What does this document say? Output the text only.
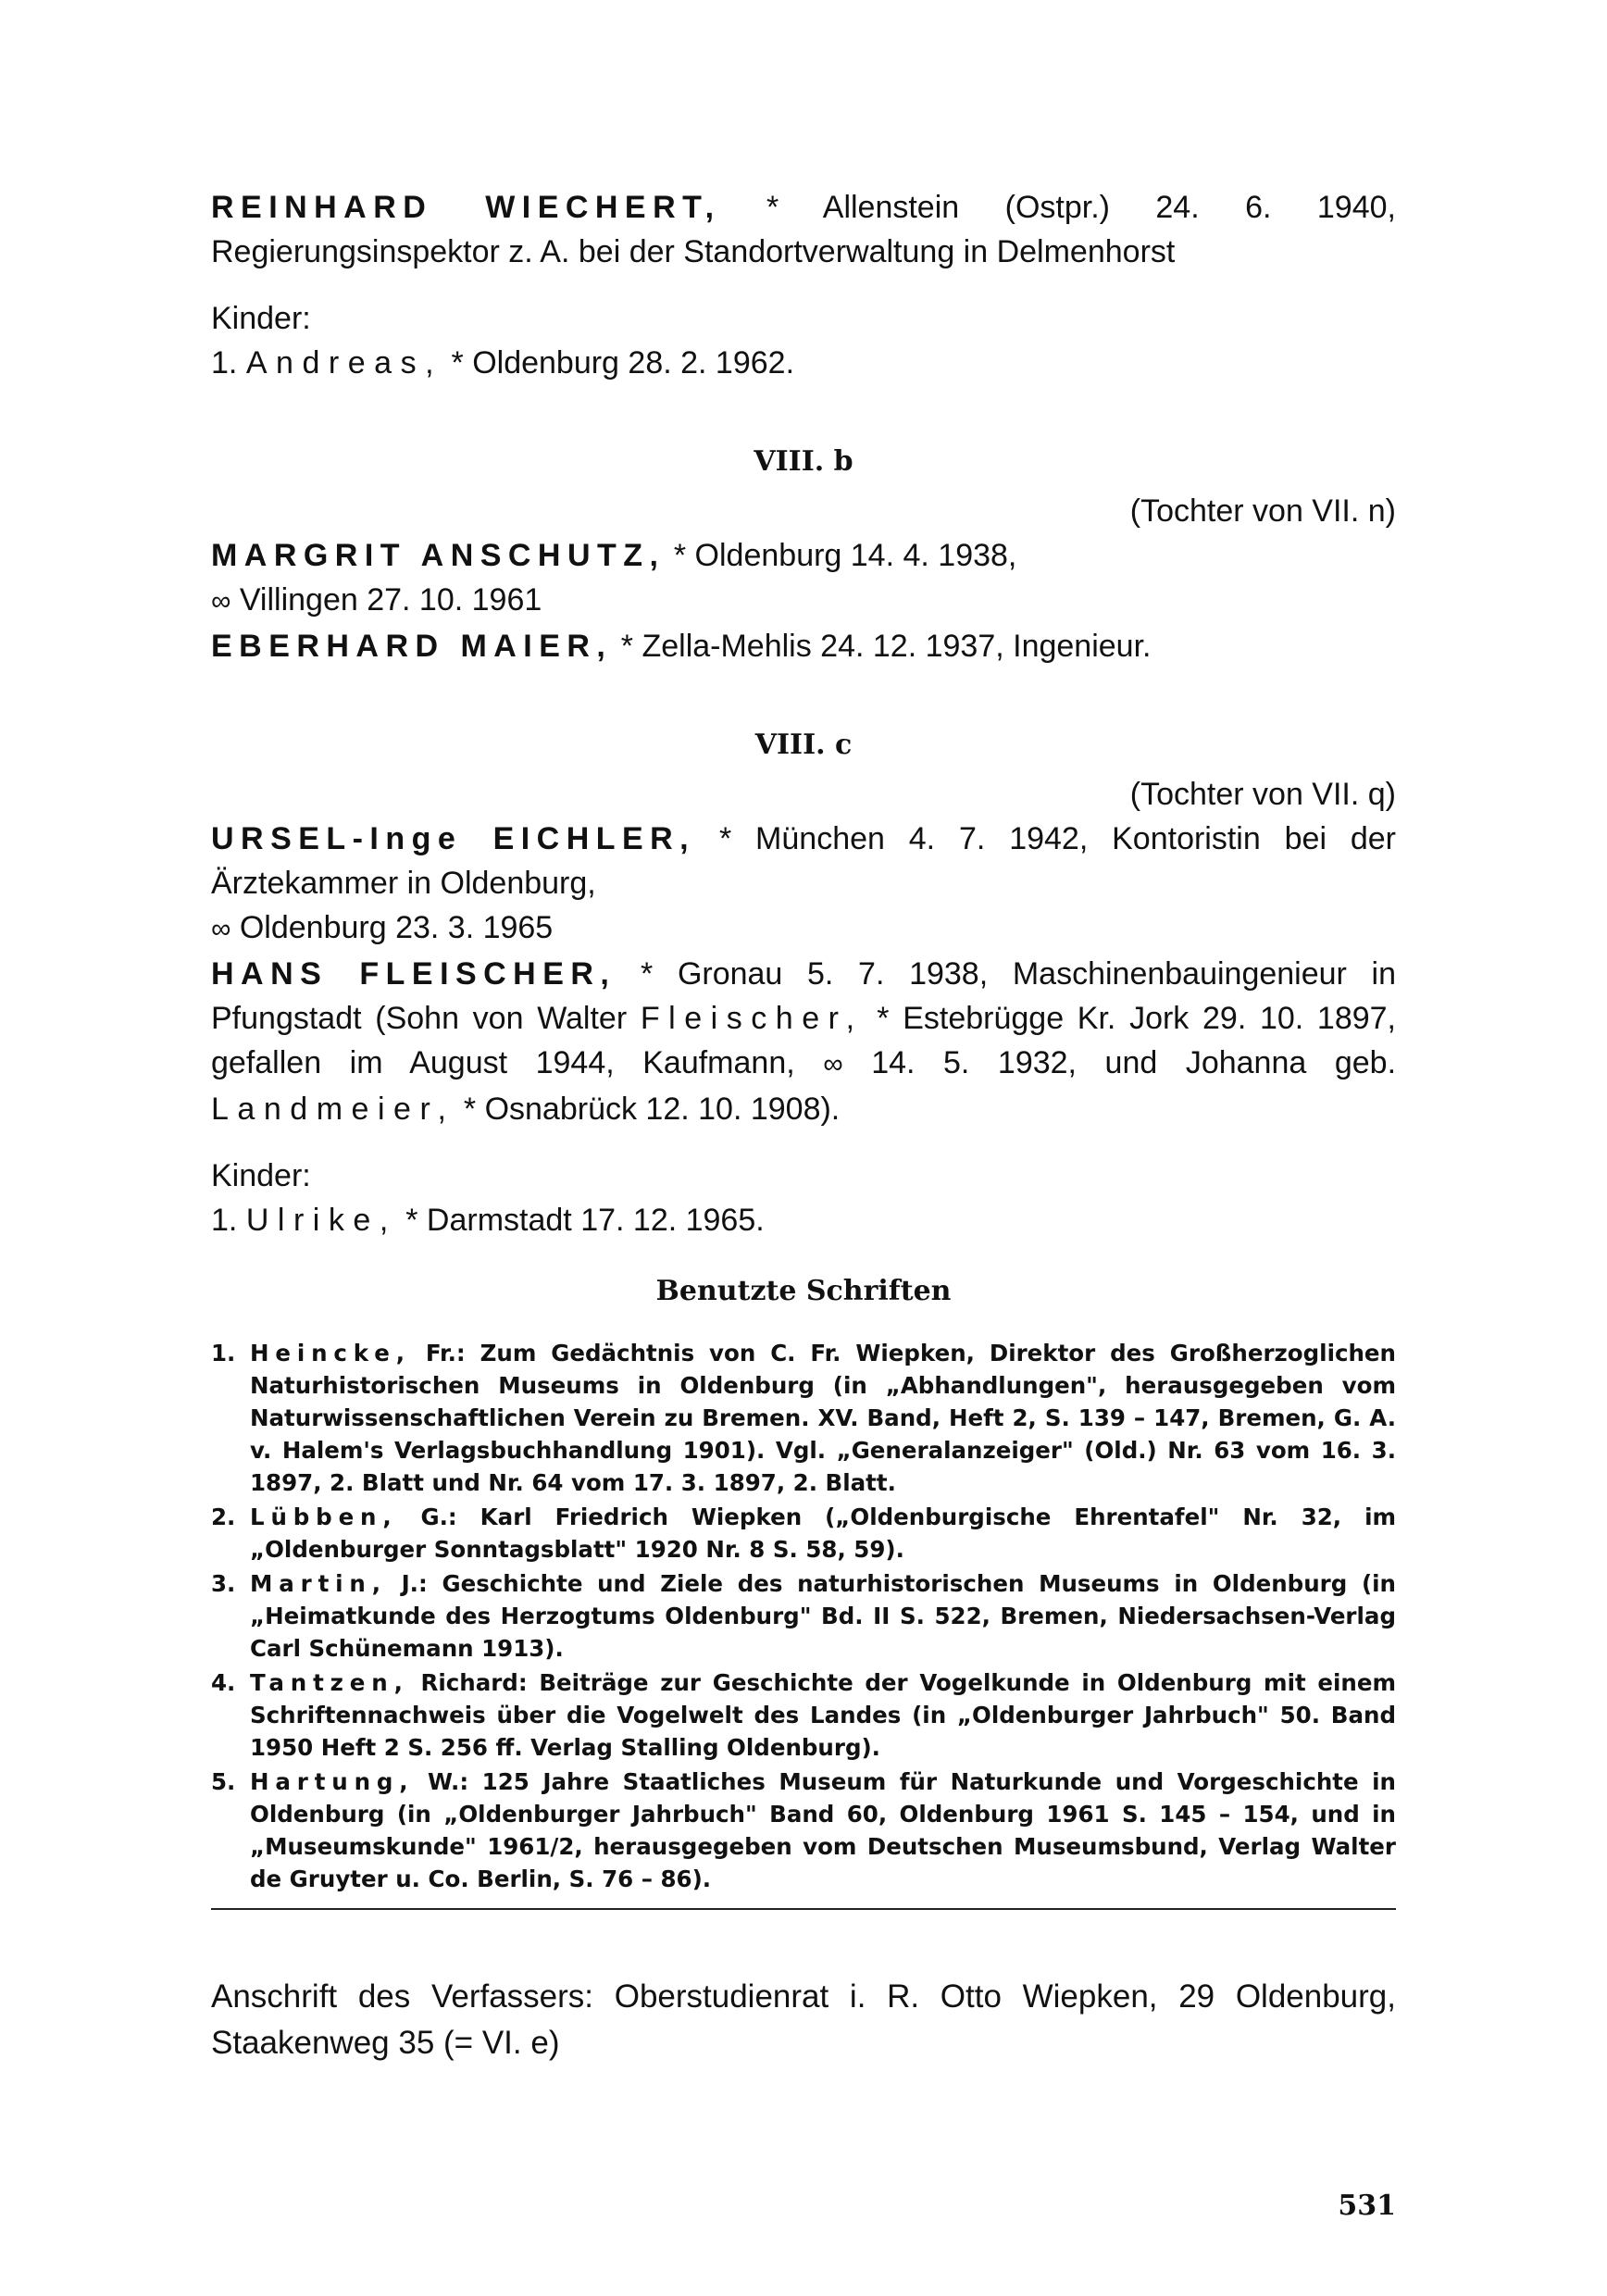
REINHARD WIECHERT, * Allenstein (Ostpr.) 24. 6. 1940, Regierungsinspektor z. A. bei der Standortverwaltung in Delmenhorst
Kinder:
1. Andreas, * Oldenburg 28. 2. 1962.
VIII. b
(Tochter von VII. n)
MARGRIT ANSCHUTZ, * Oldenburg 14. 4. 1938,
∞ Villingen 27. 10. 1961
EBERHARD MAIER, * Zella-Mehlis 24. 12. 1937, Ingenieur.
VIII. c
(Tochter von VII. q)
URSEL-Inge EICHLER, * München 4. 7. 1942, Kontoristin bei der Ärztekammer in Oldenburg,
∞ Oldenburg 23. 3. 1965
HANS FLEISCHER, * Gronau 5. 7. 1938, Maschinenbauingenieur in Pfungstadt (Sohn von Walter Fleischer, * Estebrügge Kr. Jork 29. 10. 1897, gefallen im August 1944, Kaufmann, ∞ 14. 5. 1932, und Johanna geb. Landmeier, * Osnabrück 12. 10. 1908).
Kinder:
1. Ulrike, * Darmstadt 17. 12. 1965.
Benutzte Schriften
1. Heincke, Fr.: Zum Gedächtnis von C. Fr. Wiepken, Direktor des Großherzoglichen Naturhistorischen Museums in Oldenburg (in „Abhandlungen", herausgegeben vom Naturwissenschaftlichen Verein zu Bremen. XV. Band, Heft 2, S. 139 – 147, Bremen, G. A. v. Halem's Verlagsbuchhandlung 1901). Vgl. „Generalanzeiger" (Old.) Nr. 63 vom 16. 3. 1897, 2. Blatt und Nr. 64 vom 17. 3. 1897, 2. Blatt.
2. Lübben, G.: Karl Friedrich Wiepken („Oldenburgische Ehrentafel" Nr. 32, im „Oldenburger Sonntagsblatt" 1920 Nr. 8 S. 58, 59).
3. Martin, J.: Geschichte und Ziele des naturhistorischen Museums in Oldenburg (in „Heimatkunde des Herzogtums Oldenburg" Bd. II S. 522, Bremen, Niedersachsen-Verlag Carl Schünemann 1913).
4. Tantzen, Richard: Beiträge zur Geschichte der Vogelkunde in Oldenburg mit einem Schriftennachweis über die Vogelwelt des Landes (in „Oldenburger Jahrbuch" 50. Band 1950 Heft 2 S. 256 ff. Verlag Stalling Oldenburg).
5. Hartung, W.: 125 Jahre Staatliches Museum für Naturkunde und Vorgeschichte in Oldenburg (in „Oldenburger Jahrbuch" Band 60, Oldenburg 1961 S. 145 – 154, und in „Museumskunde" 1961/2, herausgegeben vom Deutschen Museumsbund, Verlag Walter de Gruyter u. Co. Berlin, S. 76 – 86).
Anschrift des Verfassers: Oberstudienrat i. R. Otto Wiepken, 29 Oldenburg, Staakenweg 35 (= VI. e)
531
